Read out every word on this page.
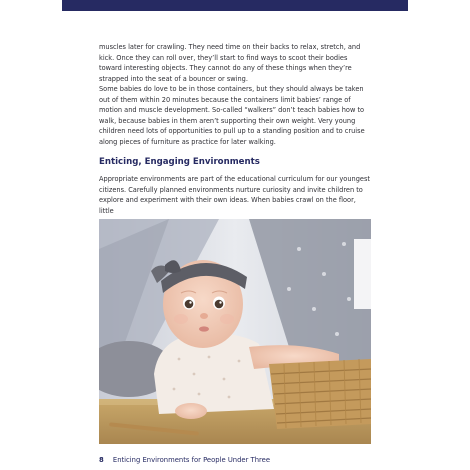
muscles later for crawling. They need time on their backs to relax, stretch, and kick. Once they can roll over, they’ll start to find ways to scoot their bodies toward interesting objects. They cannot do any of these things when they’re strapped into the seat of a bouncer or swing.

Some babies do love to be in those containers, but they should always be taken out of them within 20 minutes because the containers limit babies’ range of motion and muscle development. So-called “walkers” don’t teach babies how to walk, because babies in them aren’t supporting their own weight. Very young children need lots of opportunities to pull up to a standing position and to cruise along pieces of furniture as practice for later walking.

Enticing, Engaging Environments

Appropriate environments are part of the educational curriculum for our youngest citizens. Carefully planned environments nurture curiosity and invite children to explore and experiment with their own ideas. When babies crawl on the floor, little

8 Enticing Environments for People Under Three
